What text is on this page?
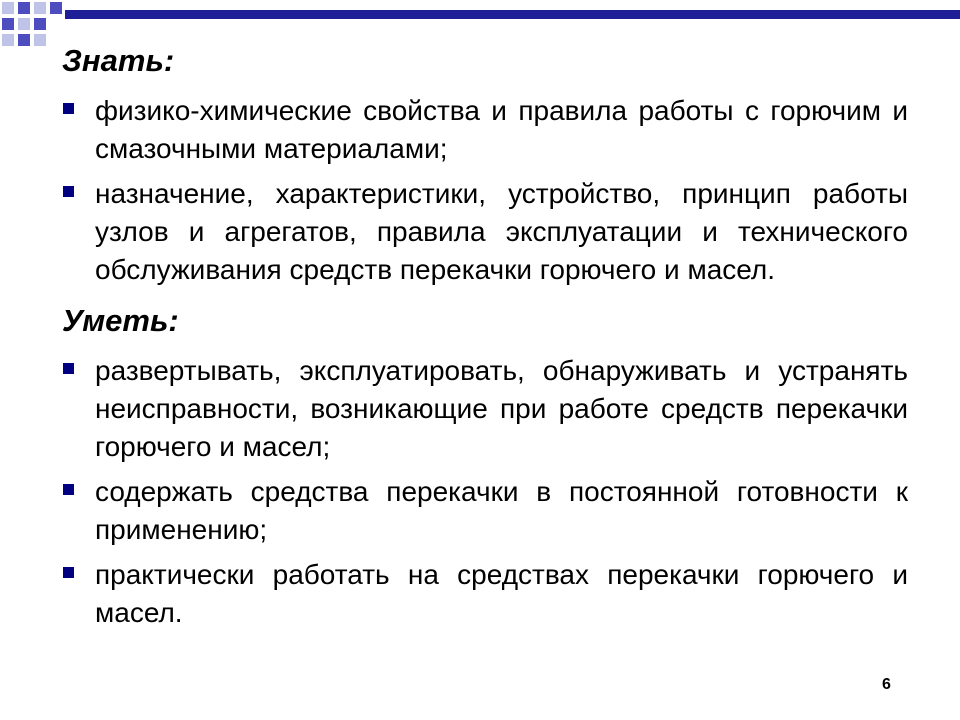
Знать:
физико-химические свойства и правила работы с горючим и смазочными материалами;
назначение, характеристики, устройство, принцип работы узлов и агрегатов, правила эксплуатации и технического обслуживания средств перекачки горючего и масел.
Уметь:
развертывать, эксплуатировать, обнаруживать и устранять неисправности, возникающие при работе средств перекачки горючего и масел;
содержать средства перекачки в постоянной готовности к применению;
практически работать на средствах перекачки горючего и масел.
6
